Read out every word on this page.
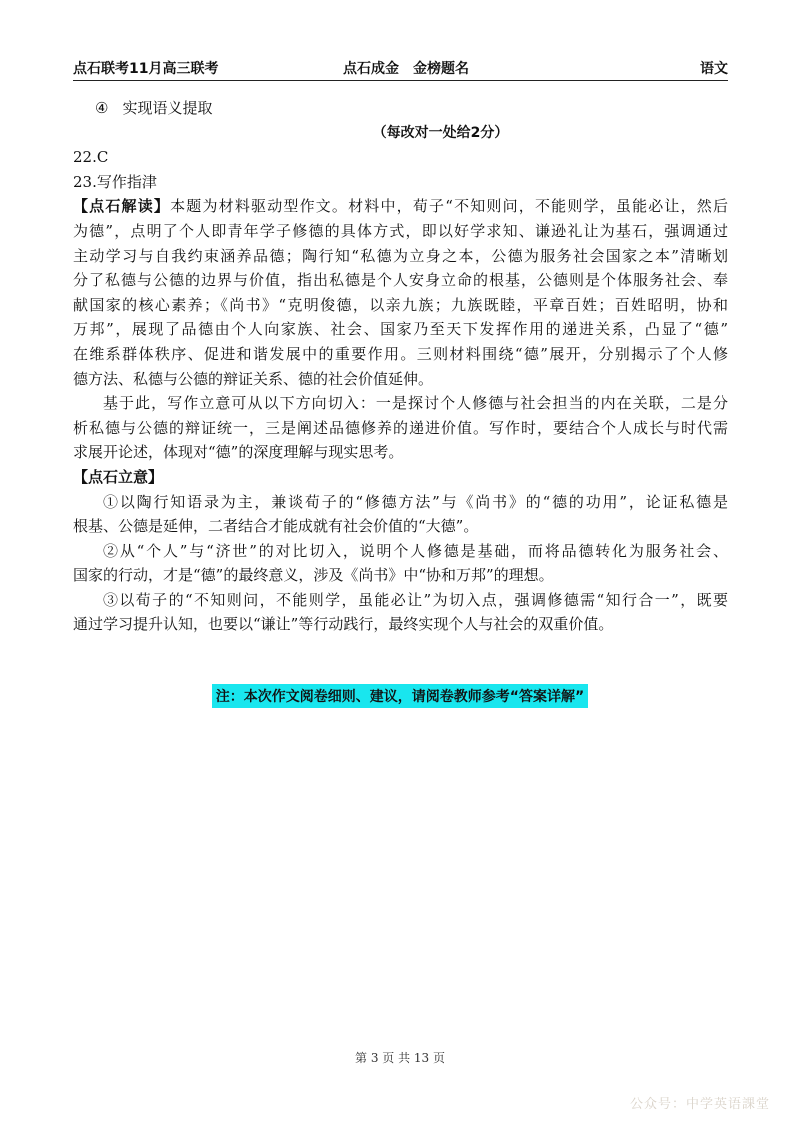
点石联考11月高三联考	点石成金　金榜题名	语文
④ 实现语义提取
（每改对一处给2分）
22.C
23.写作指津
【点石解读】本题为材料驱动型作文。材料中，荀子“不知则问，不能则学，虽能必让，然后
为德”，点明了个人即青年学子修德的具体方式，即以好学求知、谦逊礼让为基石，强调通过
主动学习与自我约束涵养品德；陶行知“私德为立身之本，公德为服务社会国家之本”清晰划
分了私德与公德的边界与价值，指出私德是个人安身立命的根基，公德则是个体服务社会、奉
献国家的核心素养；《尚书》“克明俊德，以亲九族；九族既睦，平章百姓；百姓昭明，协和
万邦”，展现了品德由个人向家族、社会、国家乃至天下发挥作用的递进关系，凸显了“德”
在维系群体秩序、促进和谐发展中的重要作用。三则材料围绕“德”展开，分别揭示了个人修
德方法、私德与公德的辩证关系、德的社会价值延伸。
基于此，写作立意可从以下方向切入：一是探讨个人修德与社会担当的内在关联，二是分
析私德与公德的辩证统一，三是阐述品德修养的递进价值。写作时，要结合个人成长与时代需
求展开论述，体现对“德”的深度理解与现实思考。
【点石立意】
①以陶行知语录为主，兼谈荀子的“修德方法”与《尚书》的“德的功用”，论证私德是
根基、公德是延伸，二者结合才能成就有社会价值的“大德”。
②从“个人”与“济世”的对比切入，说明个人修德是基础，而将品德转化为服务社会、
国家的行动，才是“德”的最终意义，涉及《尚书》中“协和万邦”的理想。
③以荀子的“不知则问，不能则学，虽能必让”为切入点，强调修德需“知行合一”，既要
通过学习提升认知，也要以“谦让”等行动践行，最终实现个人与社会的双重价值。
注：本次作文阅卷细则、建议，请阅卷教师参考“答案详解”
第 3 页 共 13 页
公众号：中学英语課堂
